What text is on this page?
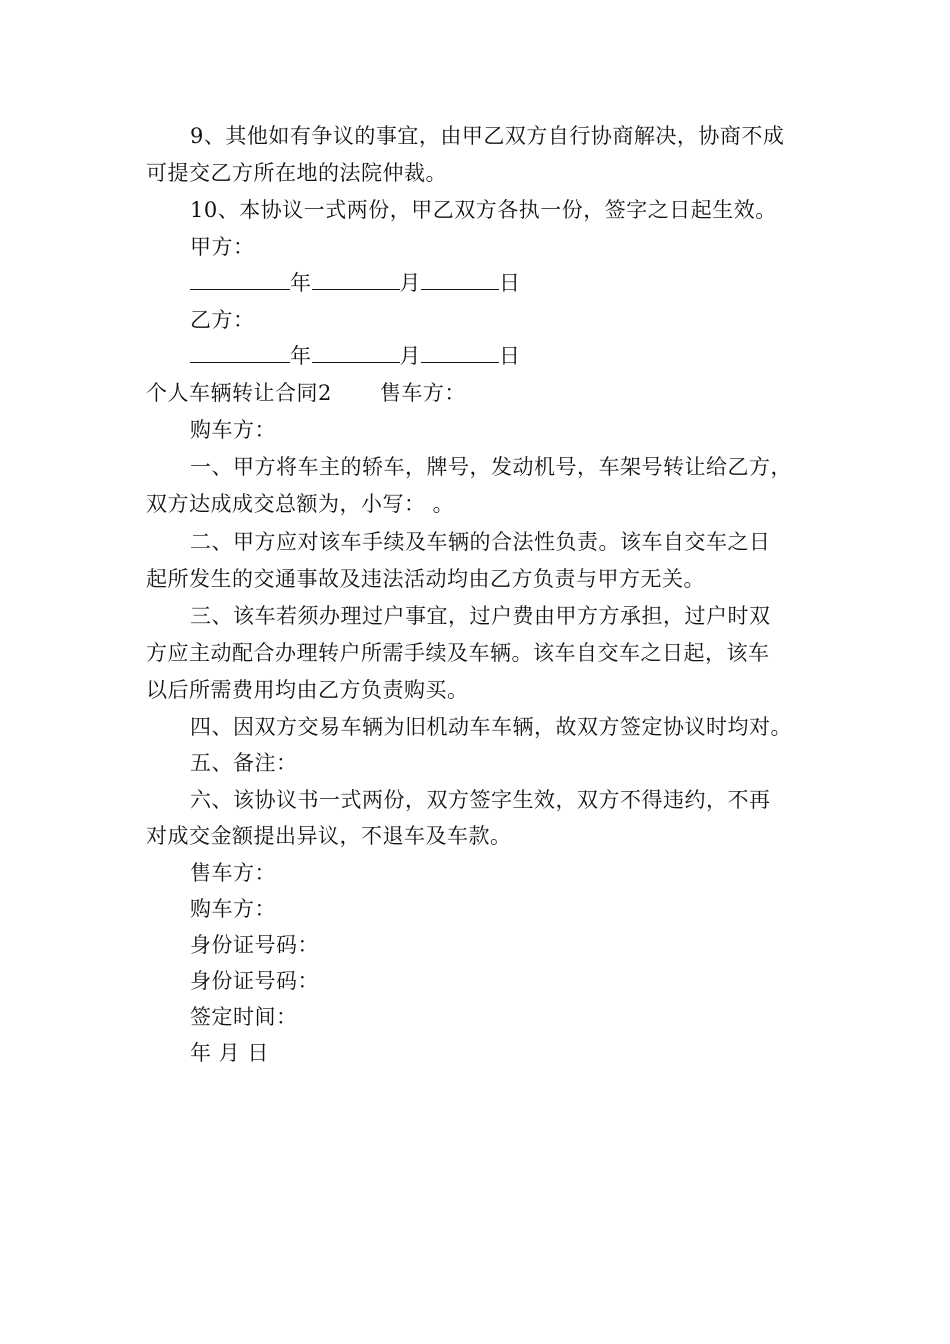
9、其他如有争议的事宜，由甲乙双方自行协商解决，协商不成
可提交乙方所在地的法院仲裁。
10、本协议一式两份，甲乙双方各执一份，签字之日起生效。
甲方：
年	月	日
乙方：
年	月	日
个人车辆转让合同2 售车方：
购车方：
一、甲方将车主的轿车，牌号，发动机号，车架号转让给乙方，
双方达成成交总额为，小写： 。
二、甲方应对该车手续及车辆的合法性负责。该车自交车之日
起所发生的交通事故及违法活动均由乙方负责与甲方无关。
三、该车若须办理过户事宜，过户费由甲方方承担，过户时双
方应主动配合办理转户所需手续及车辆。该车自交车之日起，该车
以后所需费用均由乙方负责购买。
四、因双方交易车辆为旧机动车车辆，故双方签定协议时均对。
五、备注：
六、该协议书一式两份，双方签字生效，双方不得违约，不再
对成交金额提出异议，不退车及车款。
售车方：
购车方：
身份证号码：
身份证号码：
签定时间：
年 月 日
